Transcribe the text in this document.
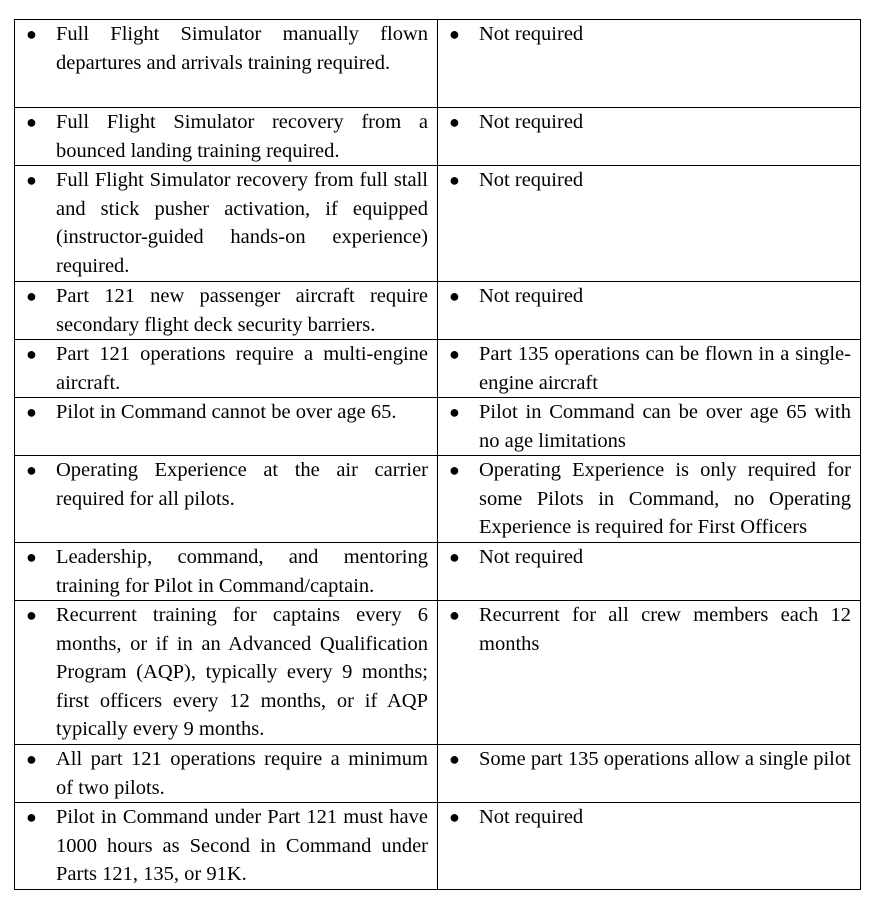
● Full Flight Simulator manually flown departures and arrivals training required.	● Not required

● Full Flight Simulator recovery from a bounced landing training required.	● Not required

● Full Flight Simulator recovery from full stall and stick pusher activation, if equipped (instructor-guided hands-on experience) required.	● Not required

● Part 121 new passenger aircraft require secondary flight deck security barriers.	● Not required

● Part 121 operations require a multi-engine aircraft.	● Part 135 operations can be flown in a single-engine aircraft

● Pilot in Command cannot be over age 65.	● Pilot in Command can be over age 65 with no age limitations

● Operating Experience at the air carrier required for all pilots.	● Operating Experience is only required for some Pilots in Command, no Operating Experience is required for First Officers

● Leadership, command, and mentoring training for Pilot in Command/captain.	● Not required

● Recurrent training for captains every 6 months, or if in an Advanced Qualification Program (AQP), typically every 9 months; first officers every 12 months, or if AQP typically every 9 months.	● Recurrent for all crew members each 12 months

● All part 121 operations require a minimum of two pilots.	● Some part 135 operations allow a single pilot

● Pilot in Command under Part 121 must have 1000 hours as Second in Command under Parts 121, 135, or 91K.	● Not required
